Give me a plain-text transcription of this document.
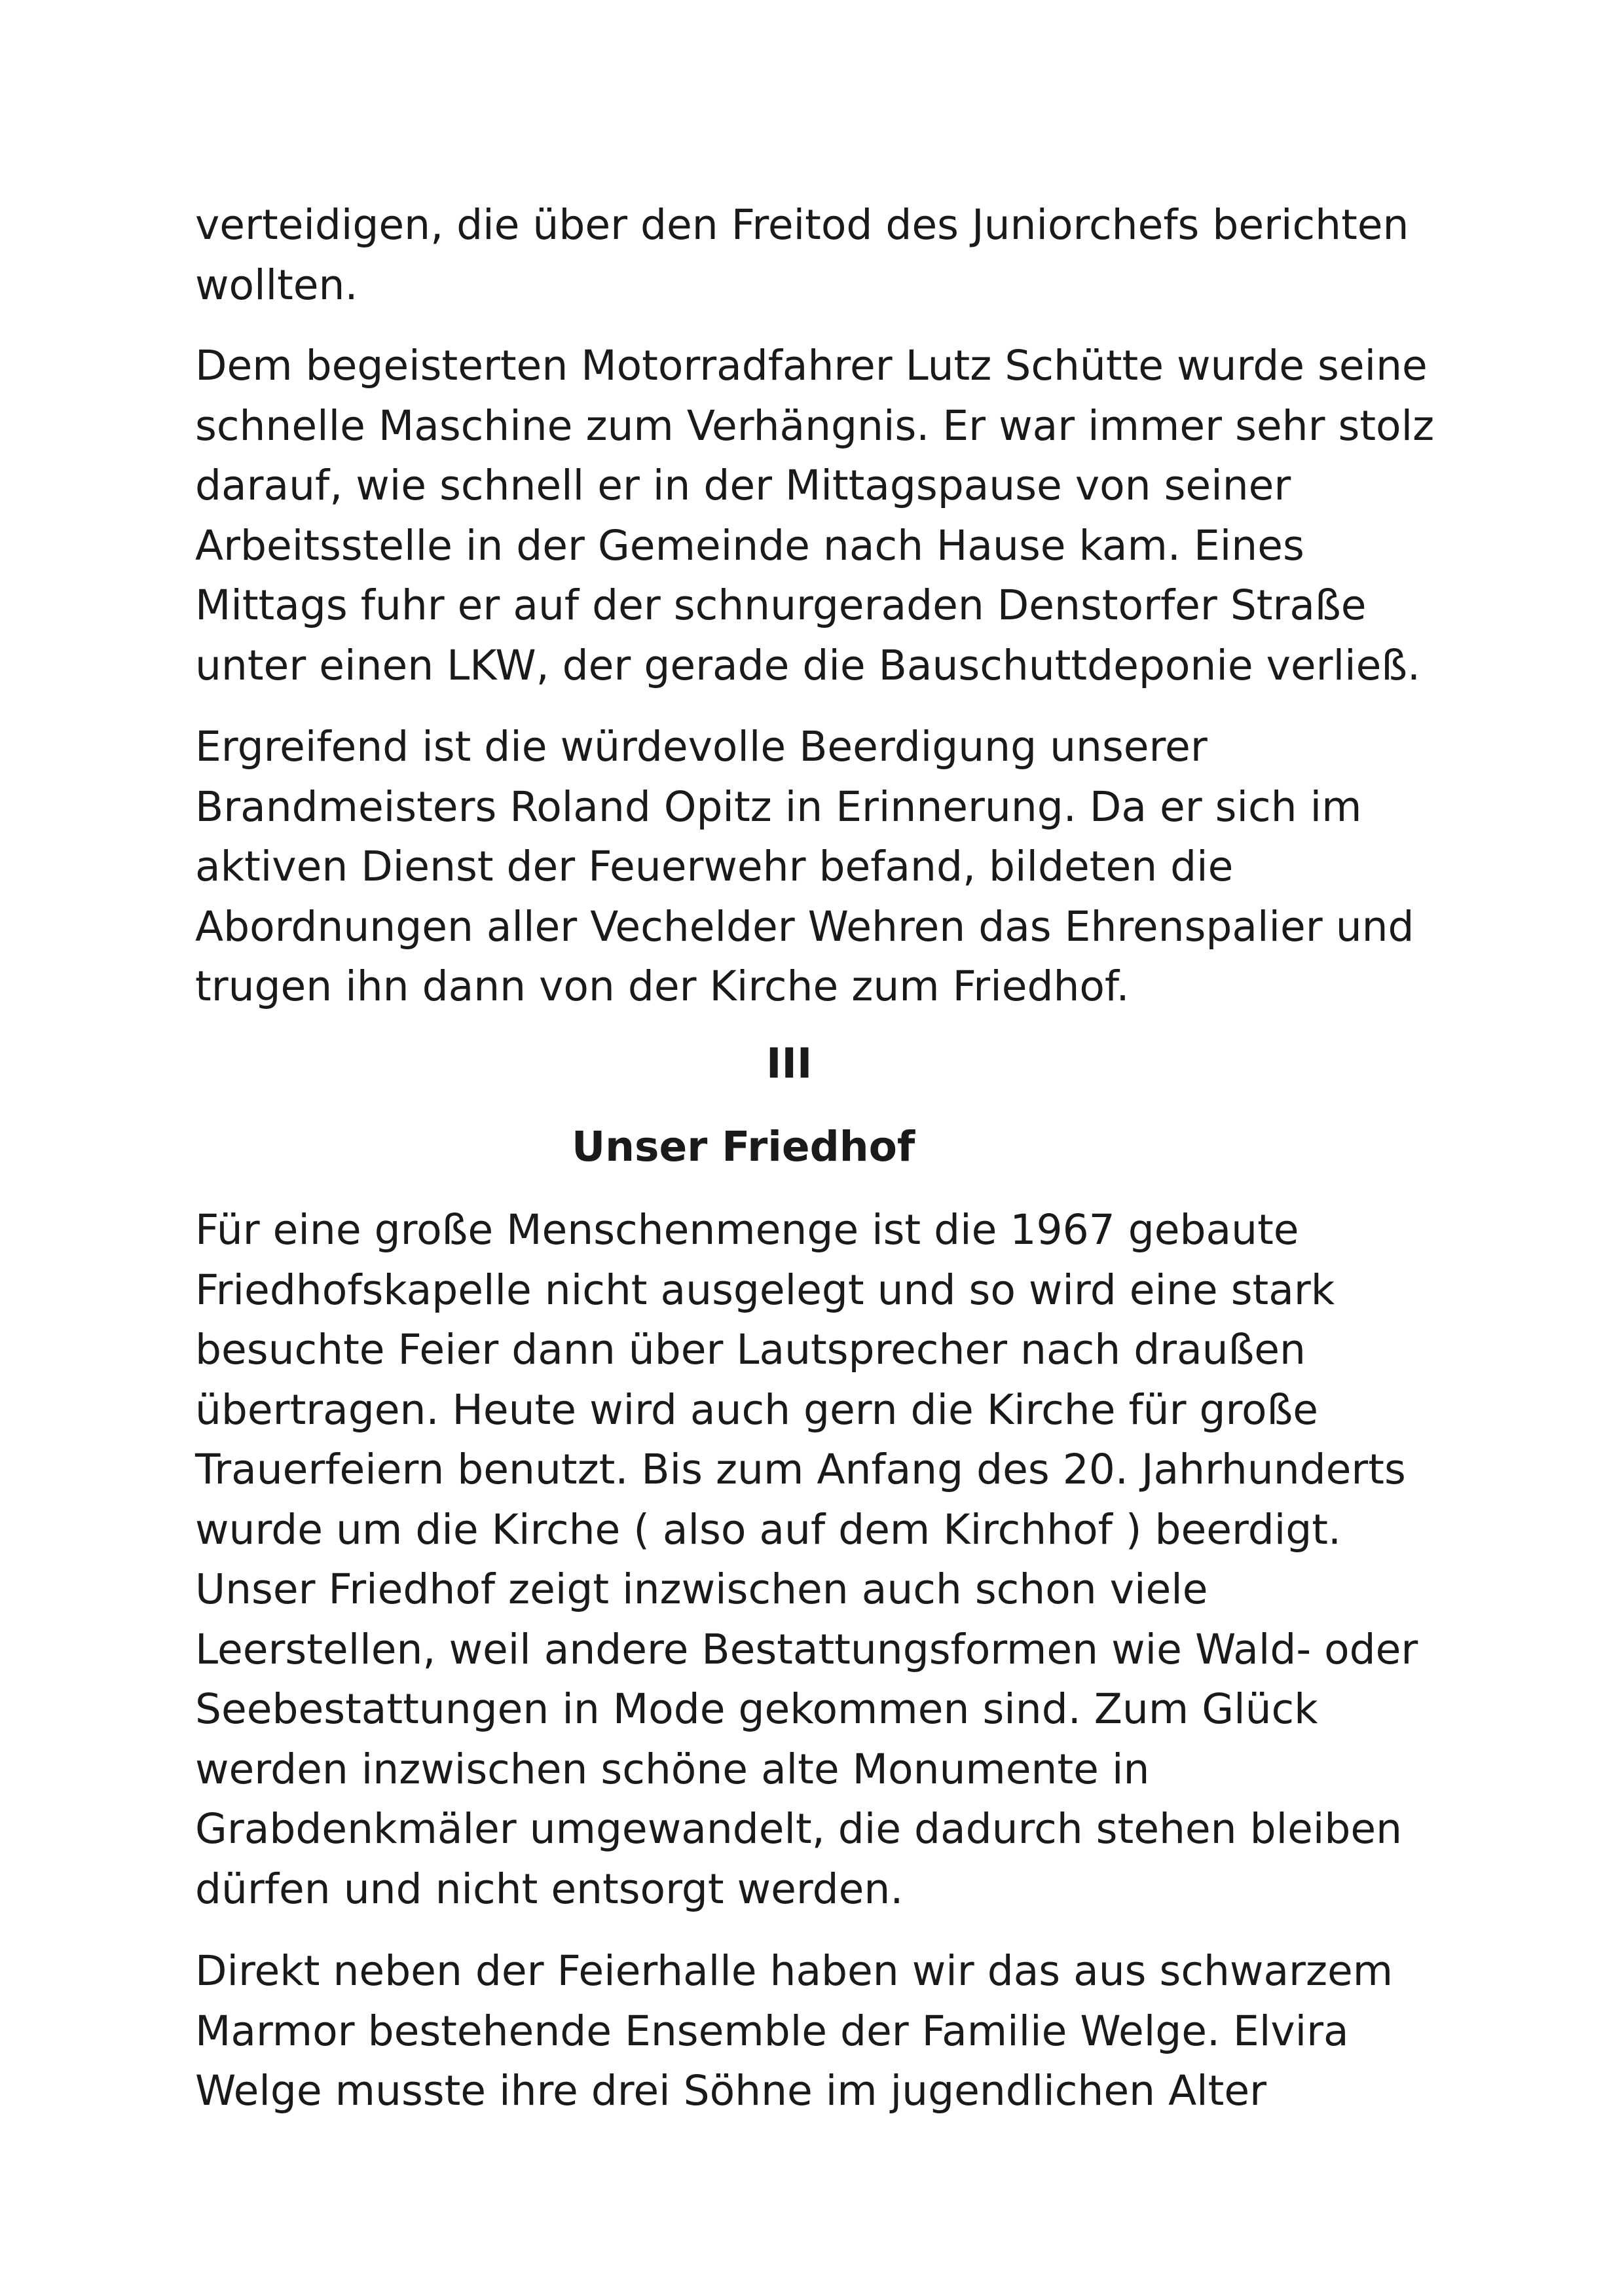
verteidigen, die über den Freitod des Juniorchefs berichten
wollten.
Dem begeisterten Motorradfahrer Lutz Schütte wurde seine
schnelle Maschine zum Verhängnis. Er war immer sehr stolz
darauf, wie schnell er in der Mittagspause von seiner
Arbeitsstelle in der Gemeinde nach Hause kam. Eines
Mittags fuhr er auf der schnurgeraden Denstorfer Straße
unter einen LKW, der gerade die Bauschuttdeponie verließ.
Ergreifend ist die würdevolle Beerdigung unserer
Brandmeisters Roland Opitz in Erinnerung. Da er sich im
aktiven Dienst der Feuerwehr befand, bildeten die
Abordnungen aller Vechelder Wehren das Ehrenspalier und
trugen ihn dann von der Kirche zum Friedhof.
III
Unser Friedhof
Für eine große Menschenmenge ist die 1967 gebaute
Friedhofskapelle nicht ausgelegt und so wird eine stark
besuchte Feier dann über Lautsprecher nach draußen
übertragen. Heute wird auch gern die Kirche für große
Trauerfeiern benutzt. Bis zum Anfang des 20. Jahrhunderts
wurde um die Kirche ( also auf dem Kirchhof ) beerdigt.
Unser Friedhof zeigt inzwischen auch schon viele
Leerstellen, weil andere Bestattungsformen wie Wald- oder
Seebestattungen in Mode gekommen sind. Zum Glück
werden inzwischen schöne alte Monumente in
Grabdenkmäler umgewandelt, die dadurch stehen bleiben
dürfen und nicht entsorgt werden.
Direkt neben der Feierhalle haben wir das aus schwarzem
Marmor bestehende Ensemble der Familie Welge. Elvira
Welge musste ihre drei Söhne im jugendlichen Alter
